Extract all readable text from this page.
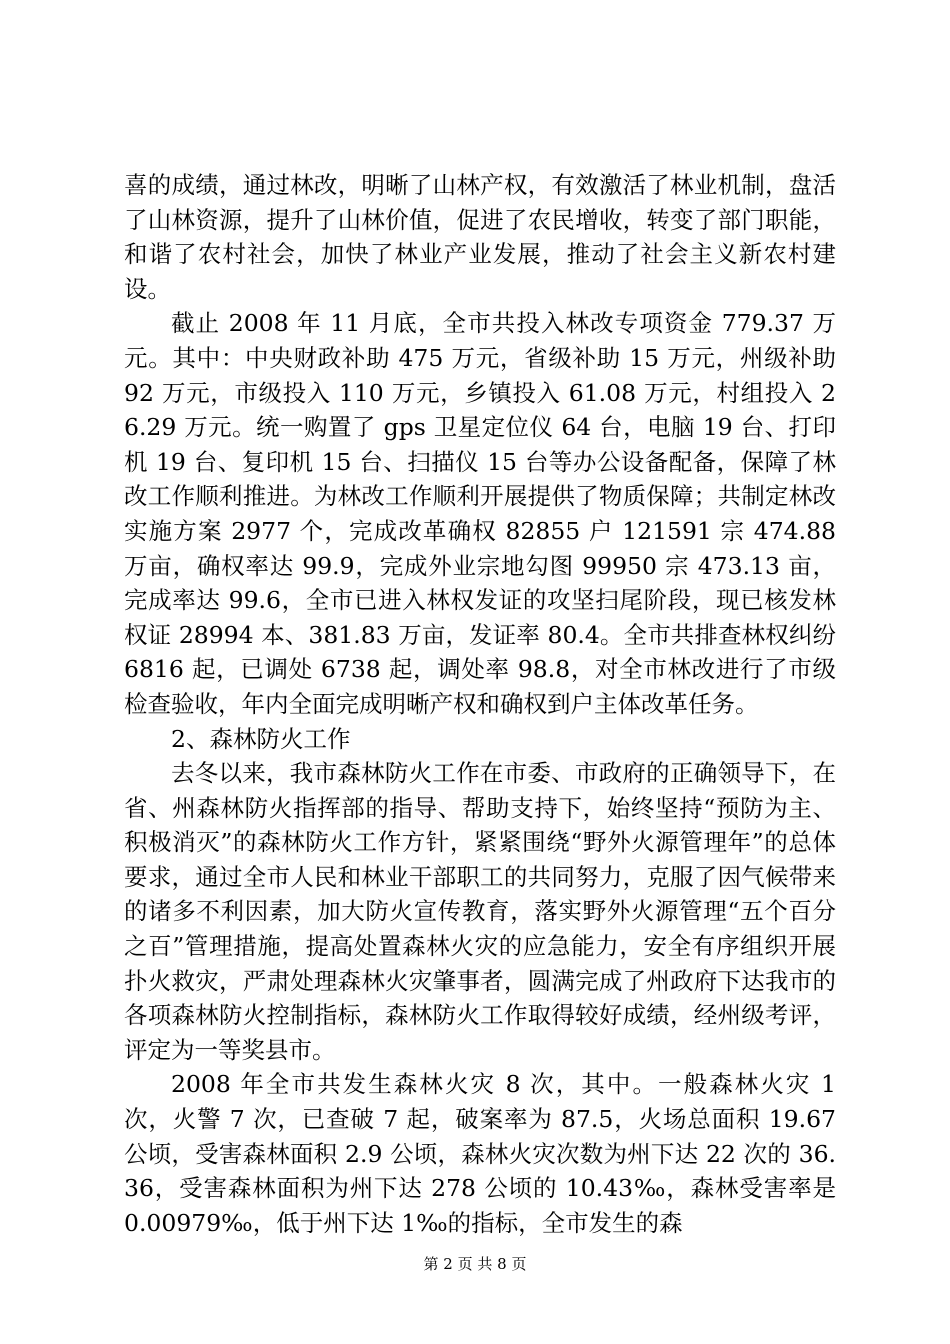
喜的成绩，通过林改，明晰了山林产权，有效激活了林业机制，盘活了山林资源，提升了山林价值，促进了农民增收，转变了部门职能，和谐了农村社会，加快了林业产业发展，推动了社会主义新农村建设。

截止 2008 年 11 月底，全市共投入林改专项资金 779.37 万元。其中：中央财政补助 475 万元，省级补助 15 万元，州级补助 92 万元，市级投入 110 万元，乡镇投入 61.08 万元，村组投入 26.29 万元。统一购置了 gps 卫星定位仪 64 台，电脑 19 台、打印机 19 台、复印机 15 台、扫描仪 15 台等办公设备配备，保障了林改工作顺利推进。为林改工作顺利开展提供了物质保障；共制定林改实施方案 2977 个，完成改革确权 82855 户 121591 宗 474.88 万亩，确权率达 99.9，完成外业宗地勾图 99950 宗 473.13 亩，完成率达 99.6，全市已进入林权发证的攻坚扫尾阶段，现已核发林权证 28994 本、381.83 万亩，发证率 80.4。全市共排查林权纠纷 6816 起，已调处 6738 起，调处率 98.8，对全市林改进行了市级检查验收，年内全面完成明晰产权和确权到户主体改革任务。

2、森林防火工作

去冬以来，我市森林防火工作在市委、市政府的正确领导下，在省、州森林防火指挥部的指导、帮助支持下，始终坚持“预防为主、积极消灭”的森林防火工作方针，紧紧围绕“野外火源管理年”的总体要求，通过全市人民和林业干部职工的共同努力，克服了因气候带来的诸多不利因素，加大防火宣传教育，落实野外火源管理“五个百分之百”管理措施，提高处置森林火灾的应急能力，安全有序组织开展扑火救灾，严肃处理森林火灾肇事者，圆满完成了州政府下达我市的各项森林防火控制指标，森林防火工作取得较好成绩，经州级考评，评定为一等奖县市。

2008 年全市共发生森林火灾 8 次，其中。一般森林火灾 1 次，火警 7 次，已查破 7 起，破案率为 87.5，火场总面积 19.67 公顷，受害森林面积 2.9 公顷，森林火灾次数为州下达 22 次的 36.36，受害森林面积为州下达 278 公顷的 10.43‰，森林受害率是 0.00979‰，低于州下达 1‰的指标，全市发生的森

第 2 页 共 8 页
